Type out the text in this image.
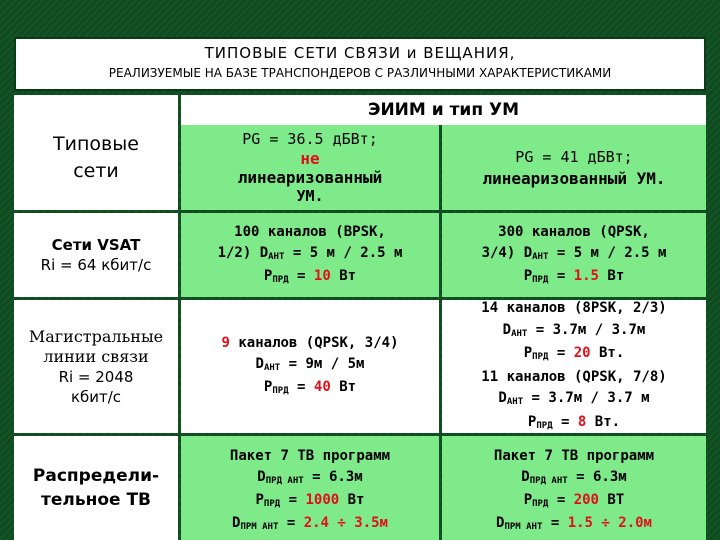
ТИПОВЫЕ СЕТИ СВЯЗИ и ВЕЩАНИЯ,
РЕАЛИЗУЕМЫЕ НА БАЗЕ ТРАНСПОНДЕРОВ С РАЗЛИЧНЫМИ ХАРАКТЕРИСТИКАМИ
Типовые
сети
ЭИИМ и тип УМ
PG = 36.5 дБВт;
не
линеаризованный
УМ.
PG = 41 дБВт;
линеаризованный УМ.
Сети VSAT
Ri = 64 кбит/с
100 каналов (BPSK,
1/2) DАНТ = 5 м / 2.5 м
PПРД = 10 Вт
300 каналов (QPSK,
3/4) DАНТ = 5 м / 2.5 м
PПРД = 1.5 Вт
Магистральные
линии связи
Ri = 2048
кбит/с
9 каналов (QPSK, 3/4)
DАНТ = 9м / 5м
PПРД = 40 Вт
14 каналов (8PSK, 2/3)
DАНТ = 3.7м / 3.7м
PПРД = 20 Вт.
11 каналов (QPSK, 7/8)
DАНТ = 3.7м / 3.7 м
PПРД = 8 Вт.
Распредели-
тельное ТВ
Пакет 7 ТВ программ
DПРД АНТ = 6.3м
PПРД = 1000 Вт
DПРМ АНТ = 2.4 ÷ 3.5м
Пакет 7 ТВ программ
DПРД АНТ = 6.3м
PПРД = 200 ВТ
DПРМ АНТ = 1.5 ÷ 2.0м
